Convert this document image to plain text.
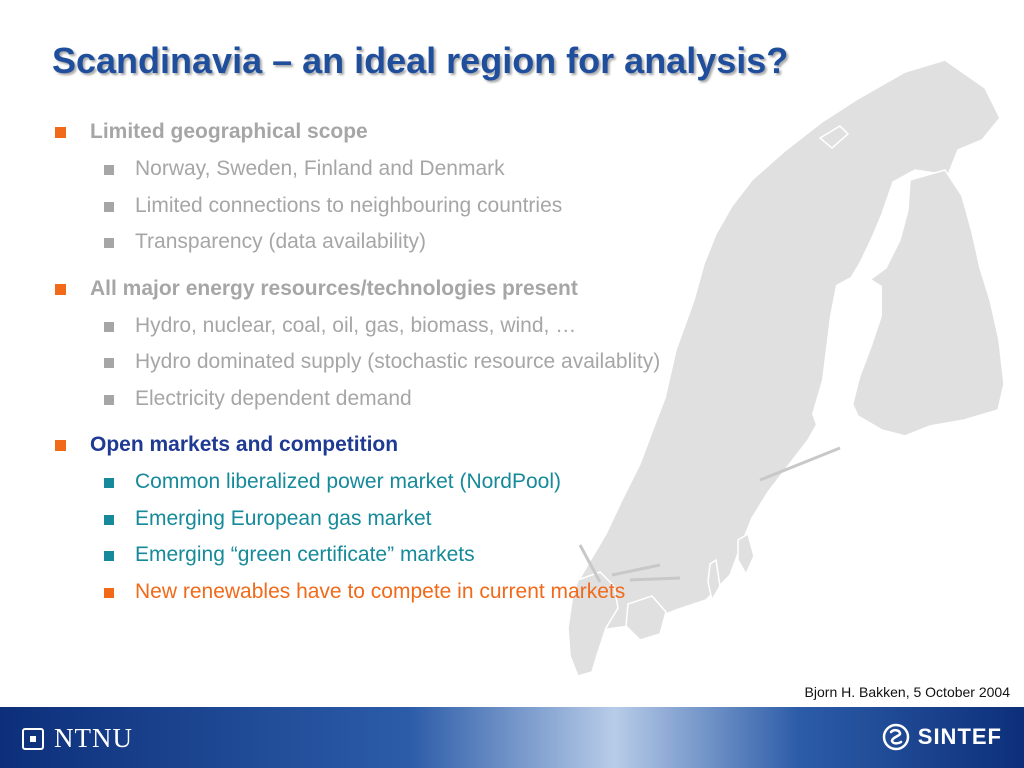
Scandinavia – an ideal region for analysis?
Limited geographical scope
Norway, Sweden, Finland and Denmark
Limited connections to neighbouring countries
Transparency (data availability)
All major energy resources/technologies present
Hydro, nuclear, coal, oil, gas, biomass, wind, …
Hydro dominated supply (stochastic resource availablity)
Electricity dependent demand
Open markets and competition
Common liberalized power market (NordPool)
Emerging European gas market
Emerging “green certificate” markets
New renewables have to compete in current markets
Bjorn H. Bakken, 5 October 2004
NTNU	SINTEF
